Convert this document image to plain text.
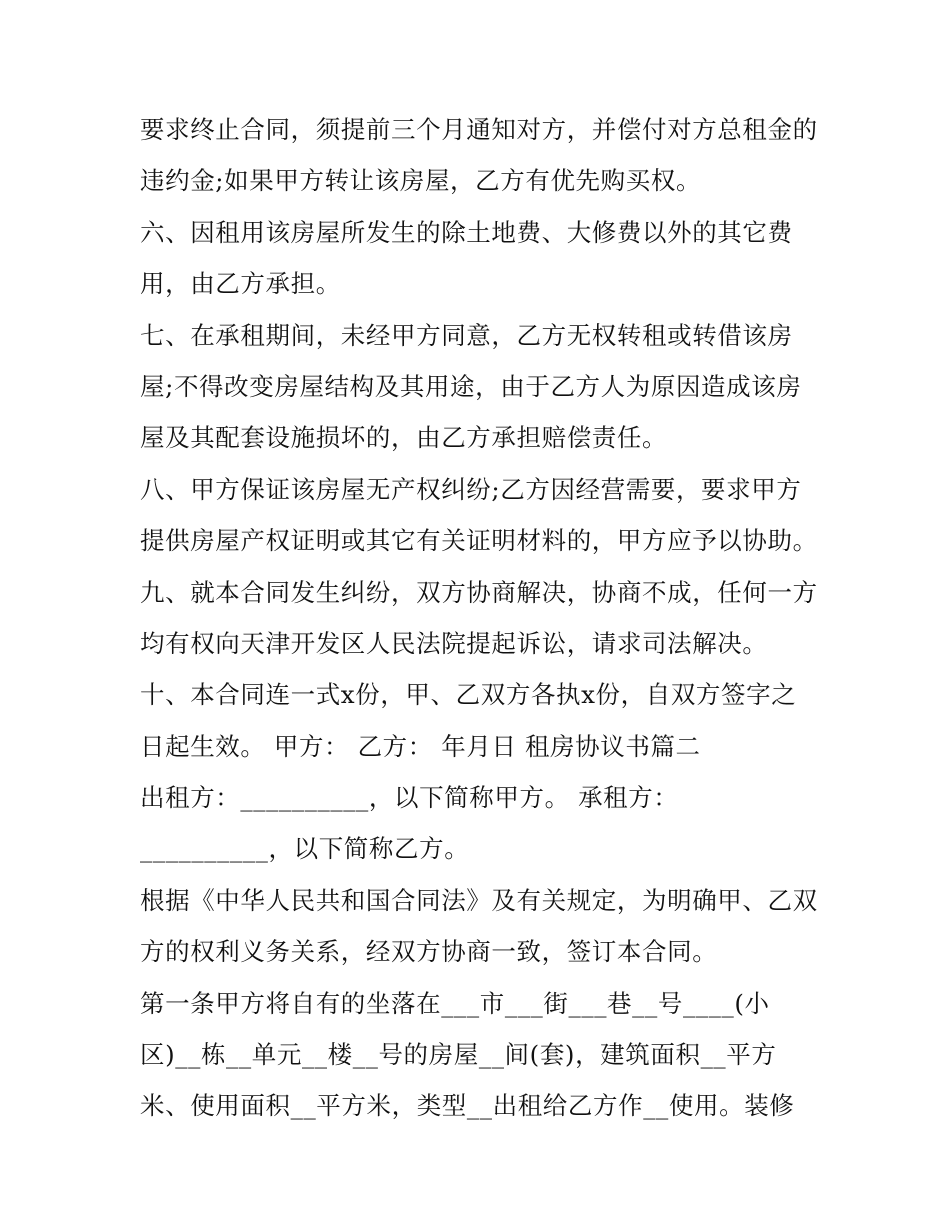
要求终止合同，须提前三个月通知对方，并偿付对方总租金的
违约金;如果甲方转让该房屋，乙方有优先购买权。
六、因租用该房屋所发生的除土地费、大修费以外的其它费
用，由乙方承担。
七、在承租期间，未经甲方同意，乙方无权转租或转借该房
屋;不得改变房屋结构及其用途，由于乙方人为原因造成该房
屋及其配套设施损坏的，由乙方承担赔偿责任。
八、甲方保证该房屋无产权纠纷;乙方因经营需要，要求甲方
提供房屋产权证明或其它有关证明材料的，甲方应予以协助。
九、就本合同发生纠纷，双方协商解决，协商不成，任何一方
均有权向天津开发区人民法院提起诉讼，请求司法解决。
十、本合同连一式x份，甲、乙双方各执x份，自双方签字之
日起生效。 甲方： 乙方： 年月日 租房协议书篇二
出租方：__________，以下简称甲方。 承租方：
__________，以下简称乙方。
根据《中华人民共和国合同法》及有关规定，为明确甲、乙双
方的权利义务关系，经双方协商一致，签订本合同。
第一条甲方将自有的坐落在___市___街___巷__号____(小
区)__栋__单元__楼__号的房屋__间(套)，建筑面积__平方
米、使用面积__平方米，类型__出租给乙方作__使用。装修
